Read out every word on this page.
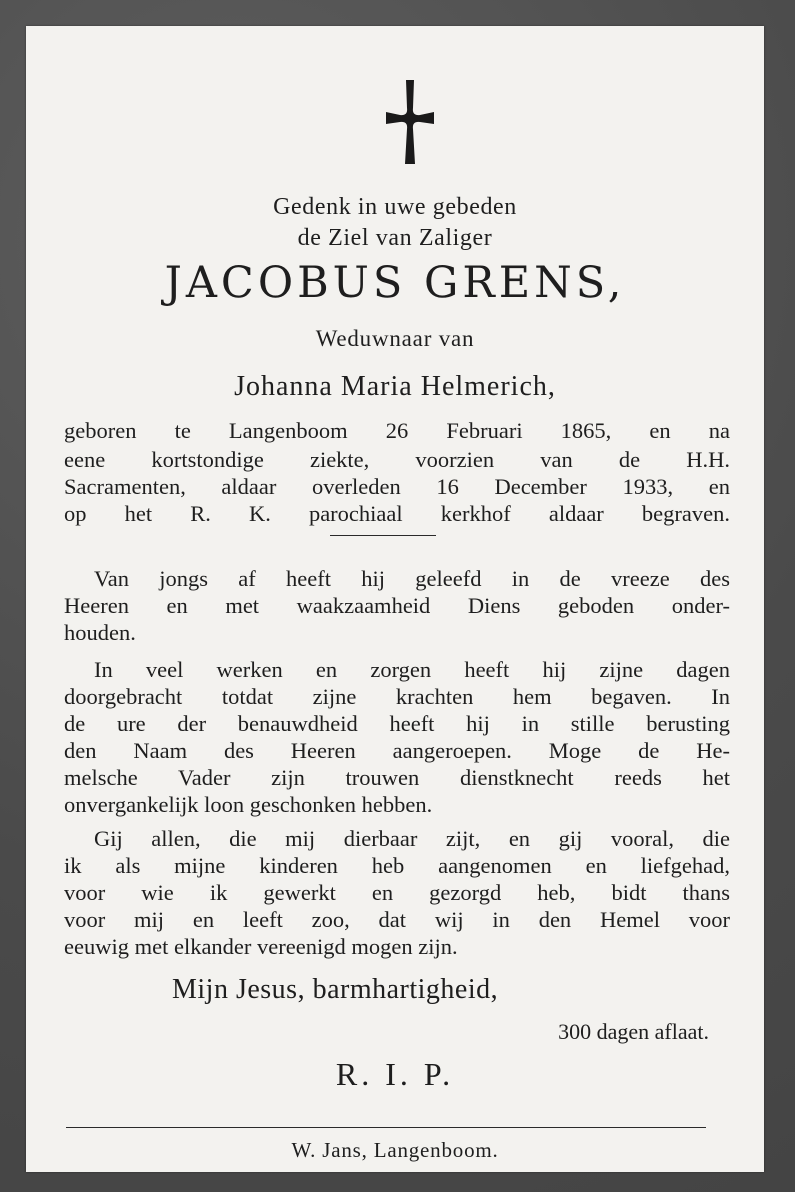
Gedenk in uwe gebeden
de Ziel van Zaliger
JACOBUS GRENS,
Weduwnaar van
Johanna Maria Helmerich,
geboren te Langenboom 26 Februari 1865, en na
eene kortstondige ziekte, voorzien van de H.H.
Sacramenten, aldaar overleden 16 December 1933, en
op het R. K. parochiaal kerkhof aldaar begraven.
Van jongs af heeft hij geleefd in de vreeze des
Heeren en met waakzaamheid Diens geboden onder-
houden.
In veel werken en zorgen heeft hij zijne dagen
doorgebracht totdat zijne krachten hem begaven. In
de ure der benauwdheid heeft hij in stille berusting
den Naam des Heeren aangeroepen. Moge de He-
melsche Vader zijn trouwen dienstknecht reeds het
onvergankelijk loon geschonken hebben.
Gij allen, die mij dierbaar zijt, en gij vooral, die
ik als mijne kinderen heb aangenomen en liefgehad,
voor wie ik gewerkt en gezorgd heb, bidt thans
voor mij en leeft zoo, dat wij in den Hemel voor
eeuwig met elkander vereenigd mogen zijn.
Mijn Jesus, barmhartigheid,
300 dagen aflaat.
R. I. P.
W. Jans, Langenboom.
